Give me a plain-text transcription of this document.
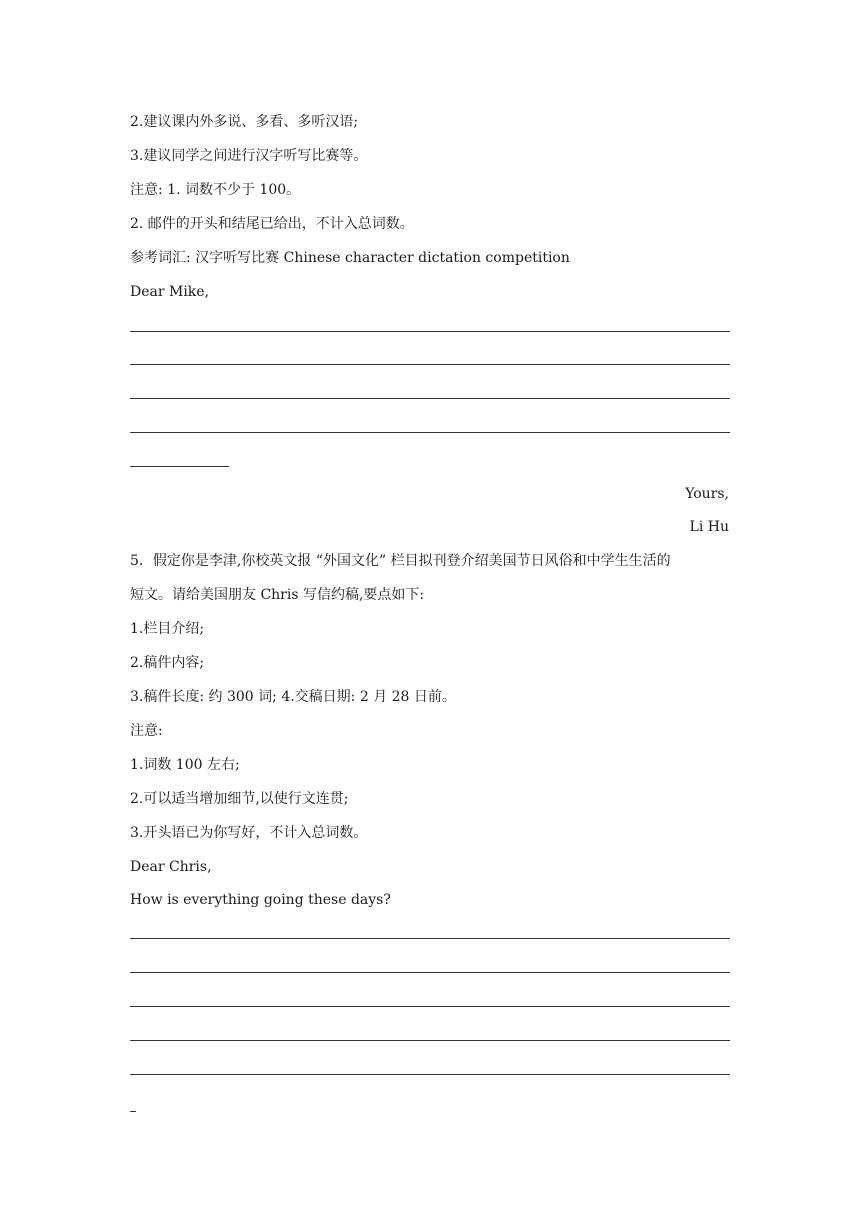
2.建议课内外多说、多看、多听汉语;
3.建议同学之间进行汉字听写比赛等。
注意: 1. 词数不少于 100。
2. 邮件的开头和结尾已给出，不计入总词数。
参考词汇: 汉字听写比赛 Chinese character dictation competition
Dear Mike,
Yours,
Li Hu
5．假定你是李津,你校英文报 “外国文化” 栏目拟刊登介绍美国节日风俗和中学生生活的
短文。请给美国朋友 Chris 写信约稿,要点如下:
1.栏目介绍;
2.稿件内容;
3.稿件长度: 约 300 词; 4.交稿日期: 2 月 28 日前。
注意:
1.词数 100 左右;
2.可以适当增加细节,以使行文连贯;
3.开头语已为你写好，不计入总词数。
Dear Chris,
How is everything going these days?
